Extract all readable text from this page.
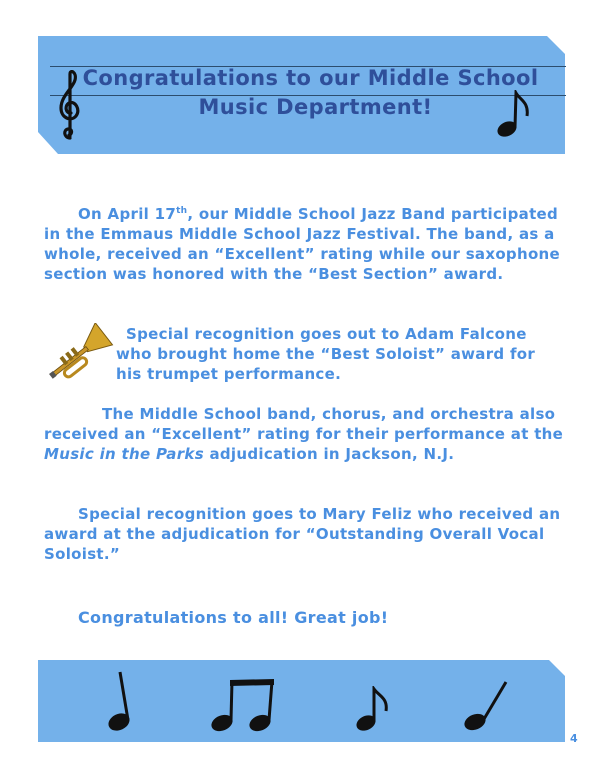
Congratulations to our Middle School
Music Department!
On April 17th, our Middle School Jazz Band participated in the Emmaus Middle School Jazz Festival. The band, as a whole, received an “Excellent” rating while our saxophone section was honored with the “Best Section” award.
Special recognition goes out to Adam Falcone who brought home the “Best Soloist” award for his trumpet performance.
The Middle School band, chorus, and orchestra also received an “Excellent” rating for their performance at the Music in the Parks adjudication in Jackson, N.J.
Special recognition goes to Mary Feliz who received an award at the adjudication for “Outstanding Overall Vocal Soloist.”
Congratulations to all! Great job!
4
